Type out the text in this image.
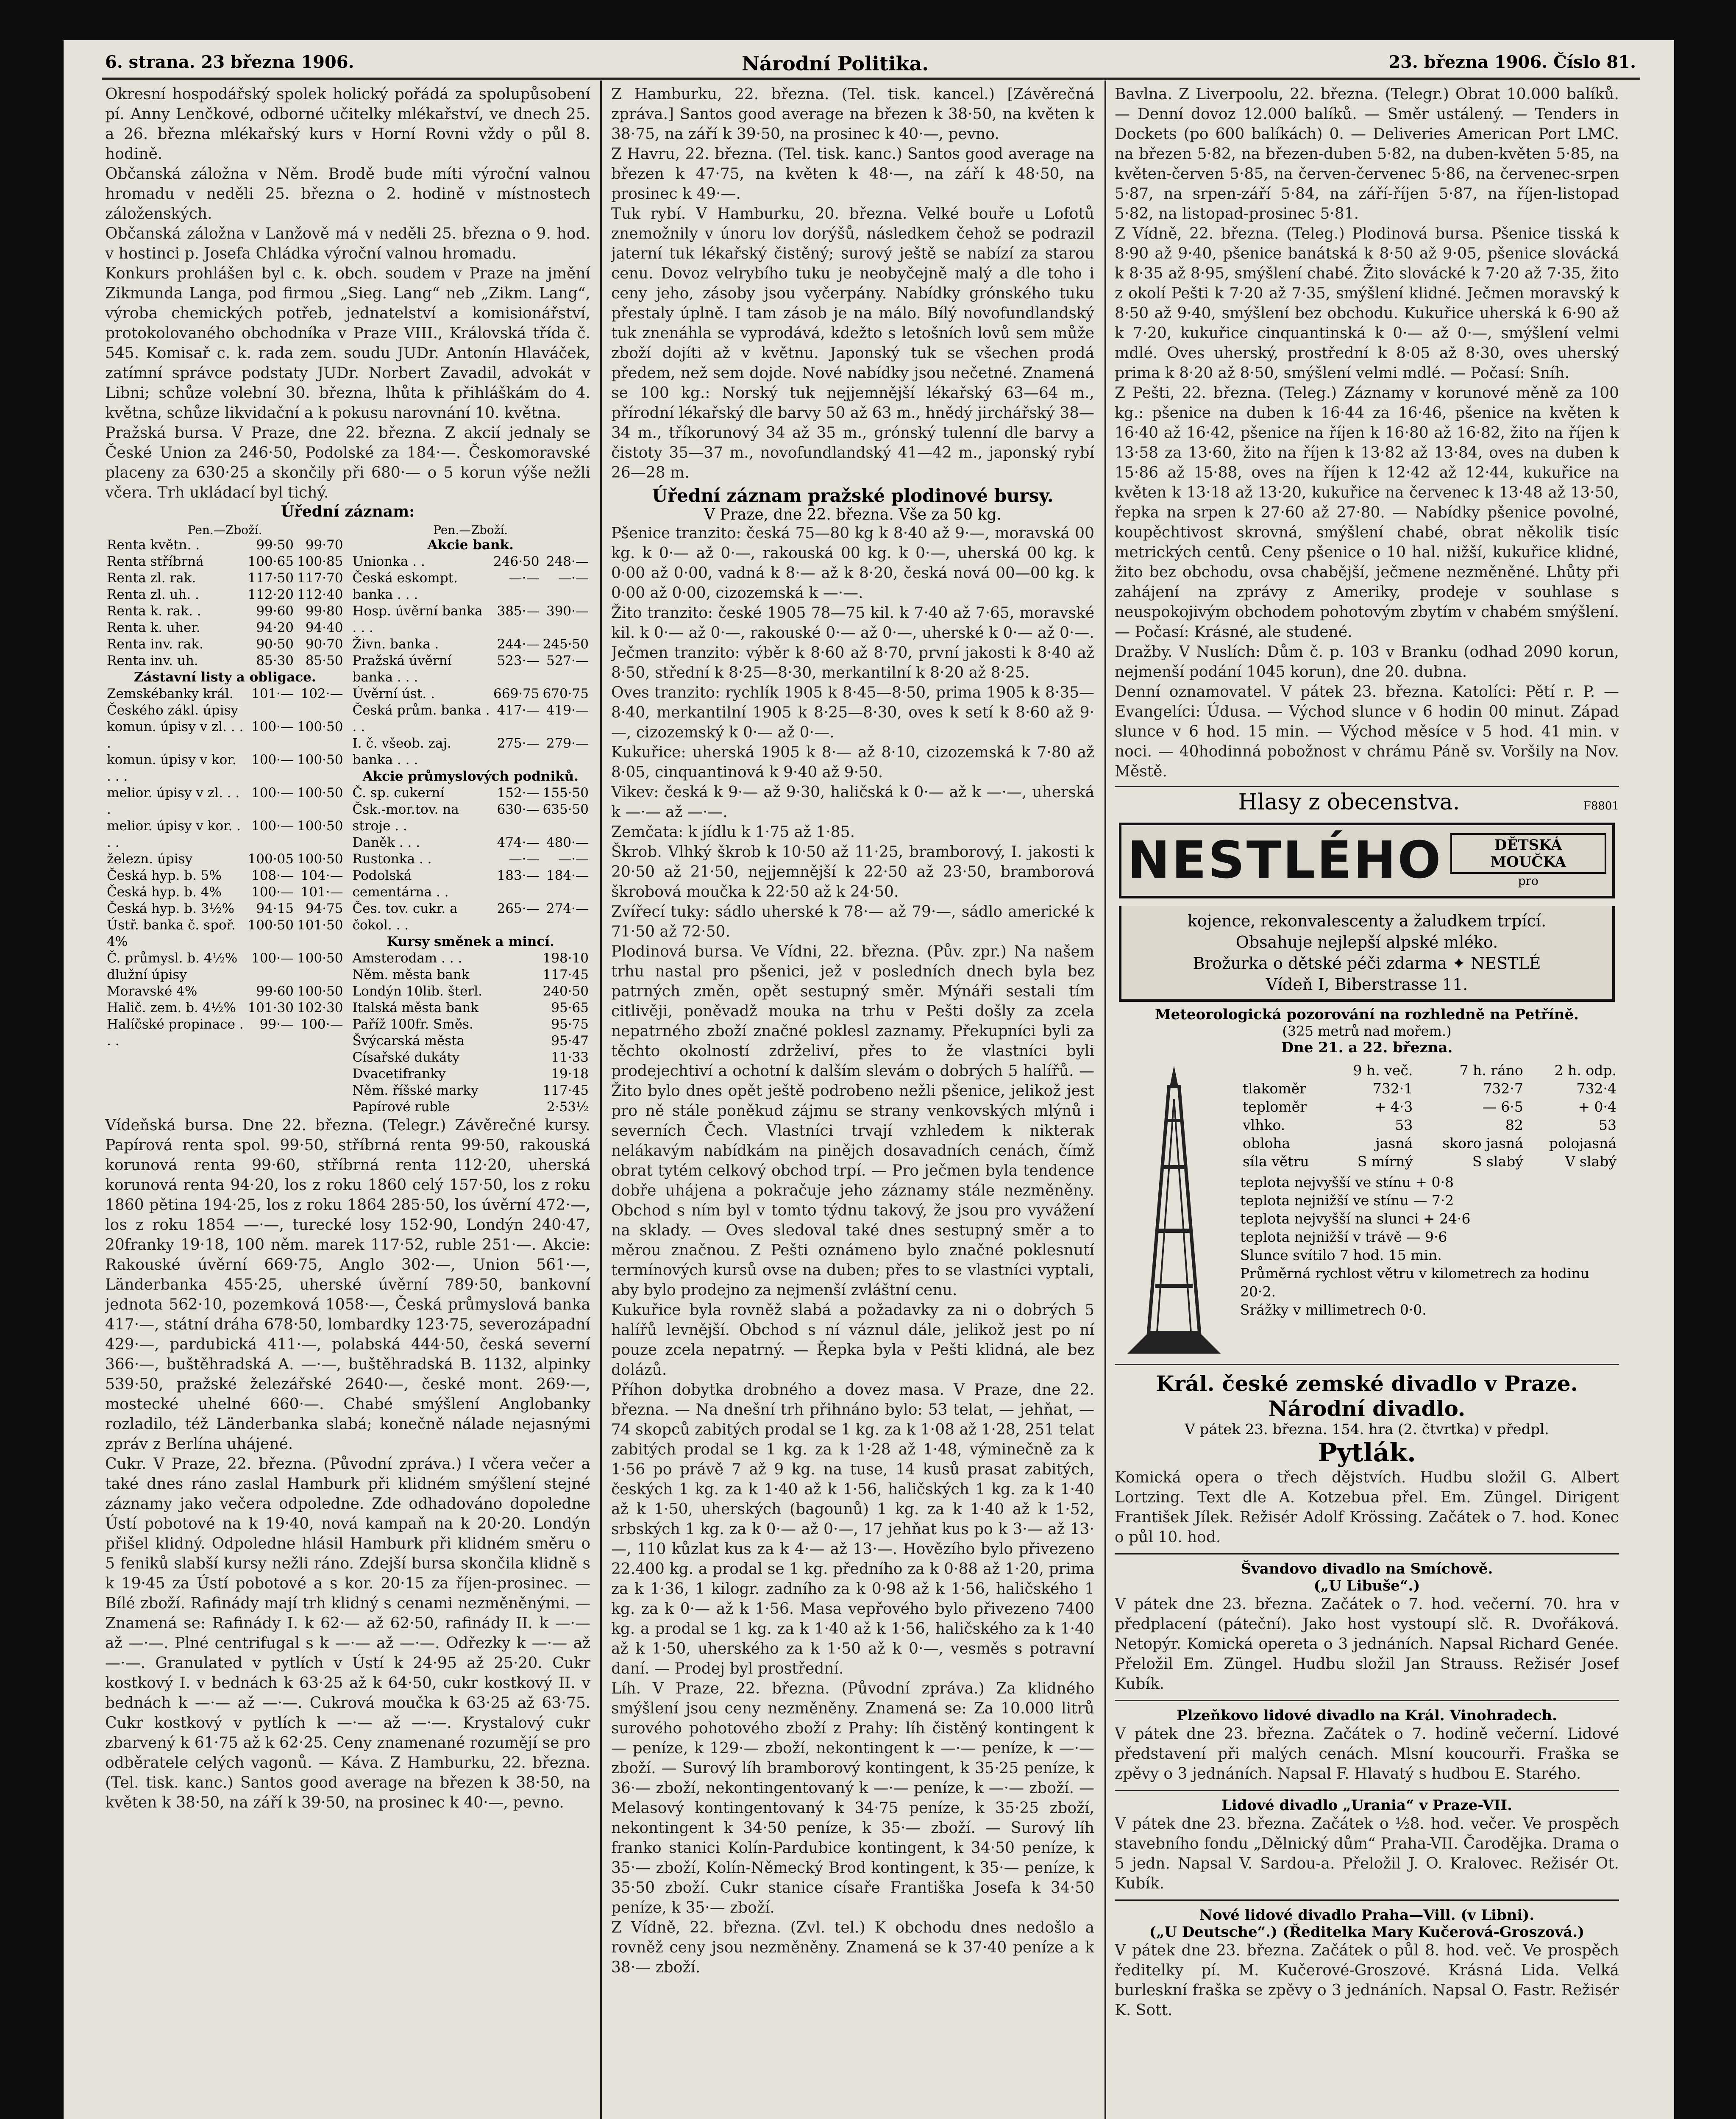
6. strana. 23 března 1906.	Národní Politika.	23. března 1906. Číslo 81.

Okresní hospodářský spolek holický pořádá za spolupůsobení pí. Anny Lenčkové, odborné učitelky mlékařství, ve dnech 25. a 26. března mlékařský kurs v Horní Rovni vždy o půl 8. hodině.

Občanská záložna v Něm. Brodě bude míti výroční valnou hromadu v neděli 25. března o 2. hodině v místnostech záloženských.

Občanská záložna v Lanžově má v neděli 25. března o 9. hod. v hostinci p. Josefa Chládka výroční valnou hromadu.

Konkurs prohlášen byl c. k. obch. soudem v Praze na jmění Zikmunda Langa, pod firmou „Sieg. Lang“ neb „Zikm. Lang“, výroba chemických potřeb, jednatelství a komisionářství, protokolovaného obchodníka v Praze VIII., Královská třída č. 545. Komisař c. k. rada zem. soudu JUDr. Antonín Hlaváček, zatímní správce podstaty JUDr. Norbert Zavadil, advokát v Libni; schůze volební 30. března, lhůta k přihláškám do 4. května, schůze likvidační a k pokusu narovnání 10. května.

Pražská bursa. V Praze, dne 22. března. Z akcií jednaly se České Union za 246·50, Podolské za 184·—. Českomoravské placeny za 630·25 a skončily při 680·— o 5 korun výše nežli včera. Trh ukládací byl tichý.

Úřední záznam:
Pen.—Zboží.
Renta květn. .	99·50	99·70
Renta stříbrná	100·65	100·85
Renta zl. rak.	117·50	117·70
Renta zl. uh. .	112·20	112·40
Renta k. rak. .	99·60	99·80
Renta k. uher.	94·20	94·40
Renta inv. rak.	90·50	90·70
Renta inv. uh.	85·30	85·50
Zástavní listy a obligace.		
Zemskébanky král. Českého zákl. úpisy	101·—	102·—
komun. úpisy v zl. . . .	100·—	100·50
komun. úpisy v kor. . . .	100·—	100·50
melior. úpisy v zl. . . .	100·—	100·50
melior. úpisy v kor. . . .	100·—	100·50
železn. úpisy	100·05	100·50
Česká hyp. b. 5%	108·—	104·—
Česká hyp. b. 4%	100·—	101·—
Česká hyp. b. 3½%	94·15	94·75
Ústř. banka č. spoř. 4%	100·50	101·50
Č. průmysl. b. 4½% dlužní úpisy	100·—	100·50
Moravské 4%	99·60	100·50
Halič. zem. b. 4½%	101·30	102·30
Halíčské propinace . . .	99·—	100·—
Pen.—Zboží.
Akcie bank.		
Unionka . .	246·50	248·—
Česká eskompt. banka . . .	—·—	—·—
Hosp. úvěrní banka . . .	385·—	390·—
Živn. banka .	244·—	245·50
Pražská úvěrní banka . . .	523·—	527·—
Úvěrní úst. .	669·75	670·75
Česká prům. banka . . .	417·—	419·—
I. č. všeob. zaj. banka . . .	275·—	279·—
Akcie průmyslových podniků.		
Č. sp. cukerní	152·—	155·50
Čsk.-mor.tov. na stroje . .	630·—	635·50
Daněk . . .	474·—	480·—
Rustonka . .	—·—	—·—
Podolská cementárna . .	183·—	184·—
Čes. tov. cukr. a čokol. . .	265·—	274·—
Kursy směnek a mincí.		
Amsterodam . . .		198·10
Něm. města bank		117·45
Londýn 10lib. šterl.		240·50
Italská města bank		95·65
Paříž 100fr. Směs.		95·75
Švýcarská města		95·47
Císařské dukáty		11·33
Dvacetifranky		19·18
Něm. říšské marky		117·45
Papírové ruble		2·53½

Vídeňská bursa. Dne 22. března. (Telegr.) Závěrečné kursy. Papírová renta spol. 99·50, stříbrná renta 99·50, rakouská korunová renta 99·60, stříbrná renta 112·20, uherská korunová renta 94·20, los z roku 1860 celý 157·50, los z roku 1860 pětina 194·25, los z roku 1864 285·50, los úvěrní 472·—, los z roku 1854 —·—, turecké losy 152·90, Londýn 240·47, 20franky 19·18, 100 něm. marek 117·52, ruble 251·—. Akcie: Rakouské úvěrní 669·75, Anglo 302·—, Union 561·—, Länderbanka 455·25, uherské úvěrní 789·50, bankovní jednota 562·10, pozemková 1058·—, Česká průmyslová banka 417·—, státní dráha 678·50, lombardky 123·75, severozápadní 429·—, pardubická 411·—, polabská 444·50, česká severní 366·—, buštěhradská A. —·—, buštěhradská B. 1132, alpinky 539·50, pražské železářské 2640·—, české mont. 269·—, mostecké uhelné 660·—. Chabé smýšlení Anglobanky rozladilo, též Länderbanka slabá; konečně nálade nejasnými zpráv z Berlína uhájené.

Cukr. V Praze, 22. března. (Původní zpráva.) I včera večer a také dnes ráno zaslal Hamburk při klidném smýšlení stejné záznamy jako večera odpoledne. Zde odhadováno dopoledne Ústí pobotové na k 19·40, nová kampaň na k 20·20. Londýn přišel klidný. Odpoledne hlásil Hamburk při klidném směru o 5 feniků slabší kursy nežli ráno. Zdejší bursa skončila klidně s k 19·45 za Ústí pobotové a s kor. 20·15 za říjen-prosinec. — Bílé zboží. Rafinády mají trh klidný s cenami nezměněnými. — Znamená se: Rafinády I. k 62·— až 62·50, rafinády II. k —·— až —·—. Plné centrifugal s k —·— až —·—. Odřezky k —·— až —·—. Granulated v pytlích v Ústí k 24·95 až 25·20. Cukr kostkový I. v bednách k 63·25 až k 64·50, cukr kostkový II. v bednách k —·— až —·—. Cukrová moučka k 63·25 až 63·75. Cukr kostkový v pytlích k —·— až —·—. Krystalový cukr zbarvený k 61·75 až k 62·25. Ceny znamenané rozumějí se pro odběratele celých vagonů. — Káva. Z Hamburku, 22. března. (Tel. tisk. kanc.) Santos good average na březen k 38·50, na květen k 38·50, na září k 39·50, na prosinec k 40·—, pevno.

Z Hamburku, 22. března. (Tel. tisk. kancel.) [Závěrečná zpráva.] Santos good average na březen k 38·50, na květen k 38·75, na září k 39·50, na prosinec k 40·—, pevno.

Z Havru, 22. března. (Tel. tisk. kanc.) Santos good average na březen k 47·75, na květen k 48·—, na září k 48·50, na prosinec k 49·—.

Tuk rybí. V Hamburku, 20. března. Velké bouře u Lofotů znemožnily v únoru lov dorýšů, následkem čehož se podrazil jaterní tuk lékařský čistěný; surový ještě se nabízí za starou cenu. Dovoz velrybího tuku je neobyčejně malý a dle toho i ceny jeho, zásoby jsou vyčerpány. Nabídky grónského tuku přestaly úplně. I tam zásob je na málo. Bílý novofundlandský tuk znenáhla se vyprodává, kdežto s letošních lovů sem může zboží dojíti až v květnu. Japonský tuk se všechen prodá předem, než sem dojde. Nové nabídky jsou nečetné. Znamená se 100 kg.: Norský tuk nejjemnější lékařský 63—64 m., přírodní lékařský dle barvy 50 až 63 m., hnědý jirchářský 38—34 m., tříkorunový 34 až 35 m., grónský tulenní dle barvy a čistoty 35—37 m., novofundlandský 41—42 m., japonský rybí 26—28 m.

Úřední záznam pražské plodinové bursy.
V Praze, dne 22. března. Vše za 50 kg.

Pšenice tranzito: česká 75—80 kg k 8·40 až 9·—, moravská 00 kg. k 0·— až 0·—, rakouská 00 kg. k 0·—, uherská 00 kg. k 0·00 až 0·00, vadná k 8·— až k 8·20, česká nová 00—00 kg. k 0·00 až 0·00, cizozemská k —·—.

Žito tranzito: české 1905 78—75 kil. k 7·40 až 7·65, moravské kil. k 0·— až 0·—, rakouské 0·— až 0·—, uherské k 0·— až 0·—.

Ječmen tranzito: výběr k 8·60 až 8·70, první jakosti k 8·40 až 8·50, střední k 8·25—8·30, merkantilní k 8·20 až 8·25.

Oves tranzito: rychlík 1905 k 8·45—8·50, prima 1905 k 8·35—8·40, merkantilní 1905 k 8·25—8·30, oves k setí k 8·60 až 9·—, cizozemský k 0·— až 0·—.

Kukuřice: uherská 1905 k 8·— až 8·10, cizozemská k 7·80 až 8·05, cinquantinová k 9·40 až 9·50.

Vikev: česká k 9·— až 9·30, haličská k 0·— až k —·—, uherská k —·— až —·—.

Zemčata: k jídlu k 1·75 až 1·85.

Škrob. Vlhký škrob k 10·50 až 11·25, bramborový, I. jakosti k 20·50 až 21·50, nejjemnější k 22·50 až 23·50, bramborová škrobová moučka k 22·50 až k 24·50.

Zvířecí tuky: sádlo uherské k 78·— až 79·—, sádlo americké k 71·50 až 72·50.

Plodinová bursa. Ve Vídni, 22. března. (Pův. zpr.) Na našem trhu nastal pro pšenici, jež v posledních dnech byla bez patrných změn, opět sestupný směr. Mýnáři sestali tím citlivěji, poněvadž mouka na trhu v Pešti došly za zcela nepatrného zboží značné poklesl zaznamy. Překupníci byli za těchto okolností zdrželiví, přes to že vlastníci byli prodejechtiví a ochotní k dalším slevám o dobrých 5 halířů. — Žito bylo dnes opět ještě podrobeno nežli pšenice, jelikož jest pro ně stále poněkud zájmu se strany venkovských mlýnů i severních Čech. Vlastníci trvají vzhledem k nikterak nelákavým nabídkám na pinějch dosavadních cenách, čímž obrat tytém celkový obchod trpí. — Pro ječmen byla tendence dobře uhájena a pokračuje jeho záznamy stále nezměněny. Obchod s ním byl v tomto týdnu takový, že jsou pro vyvážení na sklady. — Oves sledoval také dnes sestupný směr a to měrou značnou. Z Pešti oznámeno bylo značné poklesnutí termínových kursů ovse na duben; přes to se vlastníci vyptali, aby bylo prodejno za nejmenší zvláštní cenu.

Kukuřice byla rovněž slabá a požadavky za ni o dobrých 5 halířů levnější. Obchod s ní váznul dále, jelikož jest po ní pouze zcela nepatrný. — Řepka byla v Pešti klidná, ale bez dolázů.

Příhon dobytka drobného a dovez masa. V Praze, dne 22. března. — Na dnešní trh přihnáno bylo: 53 telat, — jehňat, — 74 skopců zabitých prodal se 1 kg. za k 1·08 až 1·28, 251 telat zabitých prodal se 1 kg. za k 1·28 až 1·48, výminečně za k 1·56 po právě 7 až 9 kg. na tuse, 14 kusů prasat zabitých, českých 1 kg. za k 1·40 až k 1·56, haličských 1 kg. za k 1·40 až k 1·50, uherských (bagounů) 1 kg. za k 1·40 až k 1·52, srbských 1 kg. za k 0·— až 0·—, 17 jehňat kus po k 3·— až 13·—, 110 kůzlat kus za k 4·— až 13·—. Hovězího bylo přivezeno 22.400 kg. a prodal se 1 kg. předního za k 0·88 až 1·20, prima za k 1·36, 1 kilogr. zadního za k 0·98 až k 1·56, haličského 1 kg. za k 0·— až k 1·56. Masa vepřového bylo přivezeno 7400 kg. a prodal se 1 kg. za k 1·40 až k 1·56, haličského za k 1·40 až k 1·50, uherského za k 1·50 až k 0·—, vesměs s potravní daní. — Prodej byl prostřední.

Líh. V Praze, 22. března. (Původní zpráva.) Za klidného smýšlení jsou ceny nezměněny. Znamená se: Za 10.000 litrů surového pohotového zboží z Prahy: líh čistěný kontingent k — peníze, k 129·— zboží, nekontingent k —·— peníze, k —·— zboží. — Surový líh bramborový kontingent, k 35·25 peníze, k 36·— zboží, nekontingentovaný k —·— peníze, k —·— zboží. — Melasový kontingentovaný k 34·75 peníze, k 35·25 zboží, nekontingent k 34·50 peníze, k 35·— zboží. — Surový líh franko stanici Kolín-Pardubice kontingent, k 34·50 peníze, k 35·— zboží, Kolín-Německý Brod kontingent, k 35·— peníze, k 35·50 zboží. Cukr stanice císaře Františka Josefa k 34·50 peníze, k 35·— zboží.

Z Vídně, 22. března. (Zvl. tel.) K obchodu dnes nedošlo a rovněž ceny jsou nezměněny. Znamená se k 37·40 peníze a k 38·— zboží.

Bavlna. Z Liverpoolu, 22. března. (Telegr.) Obrat 10.000 balíků. — Denní dovoz 12.000 balíků. — Směr ustálený. — Tenders in Dockets (po 600 balíkách) 0. — Deliveries American Port LMC. na březen 5·82, na březen-duben 5·82, na duben-květen 5·85, na květen-červen 5·85, na červen-červenec 5·86, na červenec-srpen 5·87, na srpen-září 5·84, na září-říjen 5·87, na říjen-listopad 5·82, na listopad-prosinec 5·81.

Z Vídně, 22. března. (Teleg.) Plodinová bursa. Pšenice tisská k 8·90 až 9·40, pšenice banátská k 8·50 až 9·05, pšenice slovácká k 8·35 až 8·95, smýšlení chabé. Žito slovácké k 7·20 až 7·35, žito z okolí Pešti k 7·20 až 7·35, smýšlení klidné. Ječmen moravský k 8·50 až 9·40, smýšlení bez obchodu. Kukuřice uherská k 6·90 až k 7·20, kukuřice cinquantinská k 0·— až 0·—, smýšlení velmi mdlé. Oves uherský, prostřední k 8·05 až 8·30, oves uherský prima k 8·20 až 8·50, smýšlení velmi mdlé. — Počasí: Sníh.

Z Pešti, 22. března. (Teleg.) Záznamy v korunové měně za 100 kg.: pšenice na duben k 16·44 za 16·46, pšenice na květen k 16·40 až 16·42, pšenice na říjen k 16·80 až 16·82, žito na říjen k 13·58 za 13·60, žito na říjen k 13·82 až 13·84, oves na duben k 15·86 až 15·88, oves na říjen k 12·42 až 12·44, kukuřice na květen k 13·18 až 13·20, kukuřice na červenec k 13·48 až 13·50, řepka na srpen k 27·60 až 27·80. — Nabídky pšenice povolné, koupěchtivost skrovná, smýšlení chabé, obrat několik tisíc metrických centů. Ceny pšenice o 10 hal. nižší, kukuřice klidné, žito bez obchodu, ovsa chabější, ječmene nezměněné. Lhůty při zahájení na zprávy z Ameriky, prodeje v souhlase s neuspokojivým obchodem pohotovým zbytím v chabém smýšlení. — Počasí: Krásné, ale studené.

Dražby. V Nuslích: Dům č. p. 103 v Branku (odhad 2090 korun, nejmenší podání 1045 korun), dne 20. dubna.

Denní oznamovatel. V pátek 23. března. Katolíci: Pětí r. P. — Evangelíci: Údusa. — Východ slunce v 6 hodin 00 minut. Západ slunce v 6 hod. 15 min. — Východ měsíce v 5 hod. 41 min. v noci. — 40hodinná pobožnost v chrámu Páně sv. Voršily na Nov. Městě.

Hlasy z obecenstva.	F8801
NESTLÉHO	DĚTSKÁ MOUČKA
pro
kojence, rekonvalescenty a žaludkem trpící.
Obsahuje nejlepší alpské mléko.
Brožurka o dětské péči zdarma ✦ NESTLÉ
Vídeň I, Biberstrasse 11.
Meteorologická pozorování na rozhledně na Petříně.
(325 metrů nad mořem.)
Dne 21. a 22. března.
	9 h. več.	7 h. ráno	2 h. odp.
tlakoměr	732·1	732·7	732·4
teploměr	+ 4·3	— 6·5	+ 0·4
vlhko.	53	82	53
obloha	jasná	skoro jasná	polojasná
síla větru	S mírný	S slabý	V slabý
teplota nejvyšší ve stínu + 0·8
teplota nejnižší ve stínu — 7·2
teplota nejvyšší na slunci + 24·6
teplota nejnižší v trávě — 9·6
Slunce svítilo 7 hod. 15 min.
Průměrná rychlost větru v kilometrech za hodinu 20·2.
Srážky v millimetrech 0·0.
Král. české zemské divadlo v Praze.
Národní divadlo.
V pátek 23. března. 154. hra (2. čtvrtka) v předpl.
Pytlák.

Komická opera o třech dějstvích. Hudbu složil G. Albert Lortzing. Text dle A. Kotzebua přel. Em. Züngel. Dirigent František Jílek. Režisér Adolf Krössing. Začátek o 7. hod. Konec o půl 10. hod.

Švandovo divadlo na Smíchově.
(„U Libuše“.)

V pátek dne 23. března. Začátek o 7. hod. večerní. 70. hra v předplacení (páteční). Jako host vystoupí slč. R. Dvořáková. Netopýr. Komická opereta o 3 jednáních. Napsal Richard Genée. Přeložil Em. Züngel. Hudbu složil Jan Strauss. Režisér Josef Kubík.

Plzeňkovo lidové divadlo na Král. Vinohradech.

V pátek dne 23. března. Začátek o 7. hodině večerní. Lidové představení při malých cenách. Mlsní koucourři. Fraška se zpěvy o 3 jednáních. Napsal F. Hlavatý s hudbou E. Starého.

Lidové divadlo „Urania“ v Praze-VII.

V pátek dne 23. března. Začátek o ½8. hod. večer. Ve prospěch stavebního fondu „Dělnický dům“ Praha-VII. Čarodějka. Drama o 5 jedn. Napsal V. Sardou-a. Přeložil J. O. Kralovec. Režisér Ot. Kubík.

Nové lidové divadlo Praha—Vill. (v Libni).
(„U Deutsche“.) (Ředitelka Mary Kučerová-Groszová.)

V pátek dne 23. března. Začátek o půl 8. hod. več. Ve prospěch ředitelky pí. M. Kučerové-Groszové. Krásná Lida. Velká burleskní fraška se zpěvy o 3 jednáních. Napsal O. Fastr. Režisér K. Sott.
